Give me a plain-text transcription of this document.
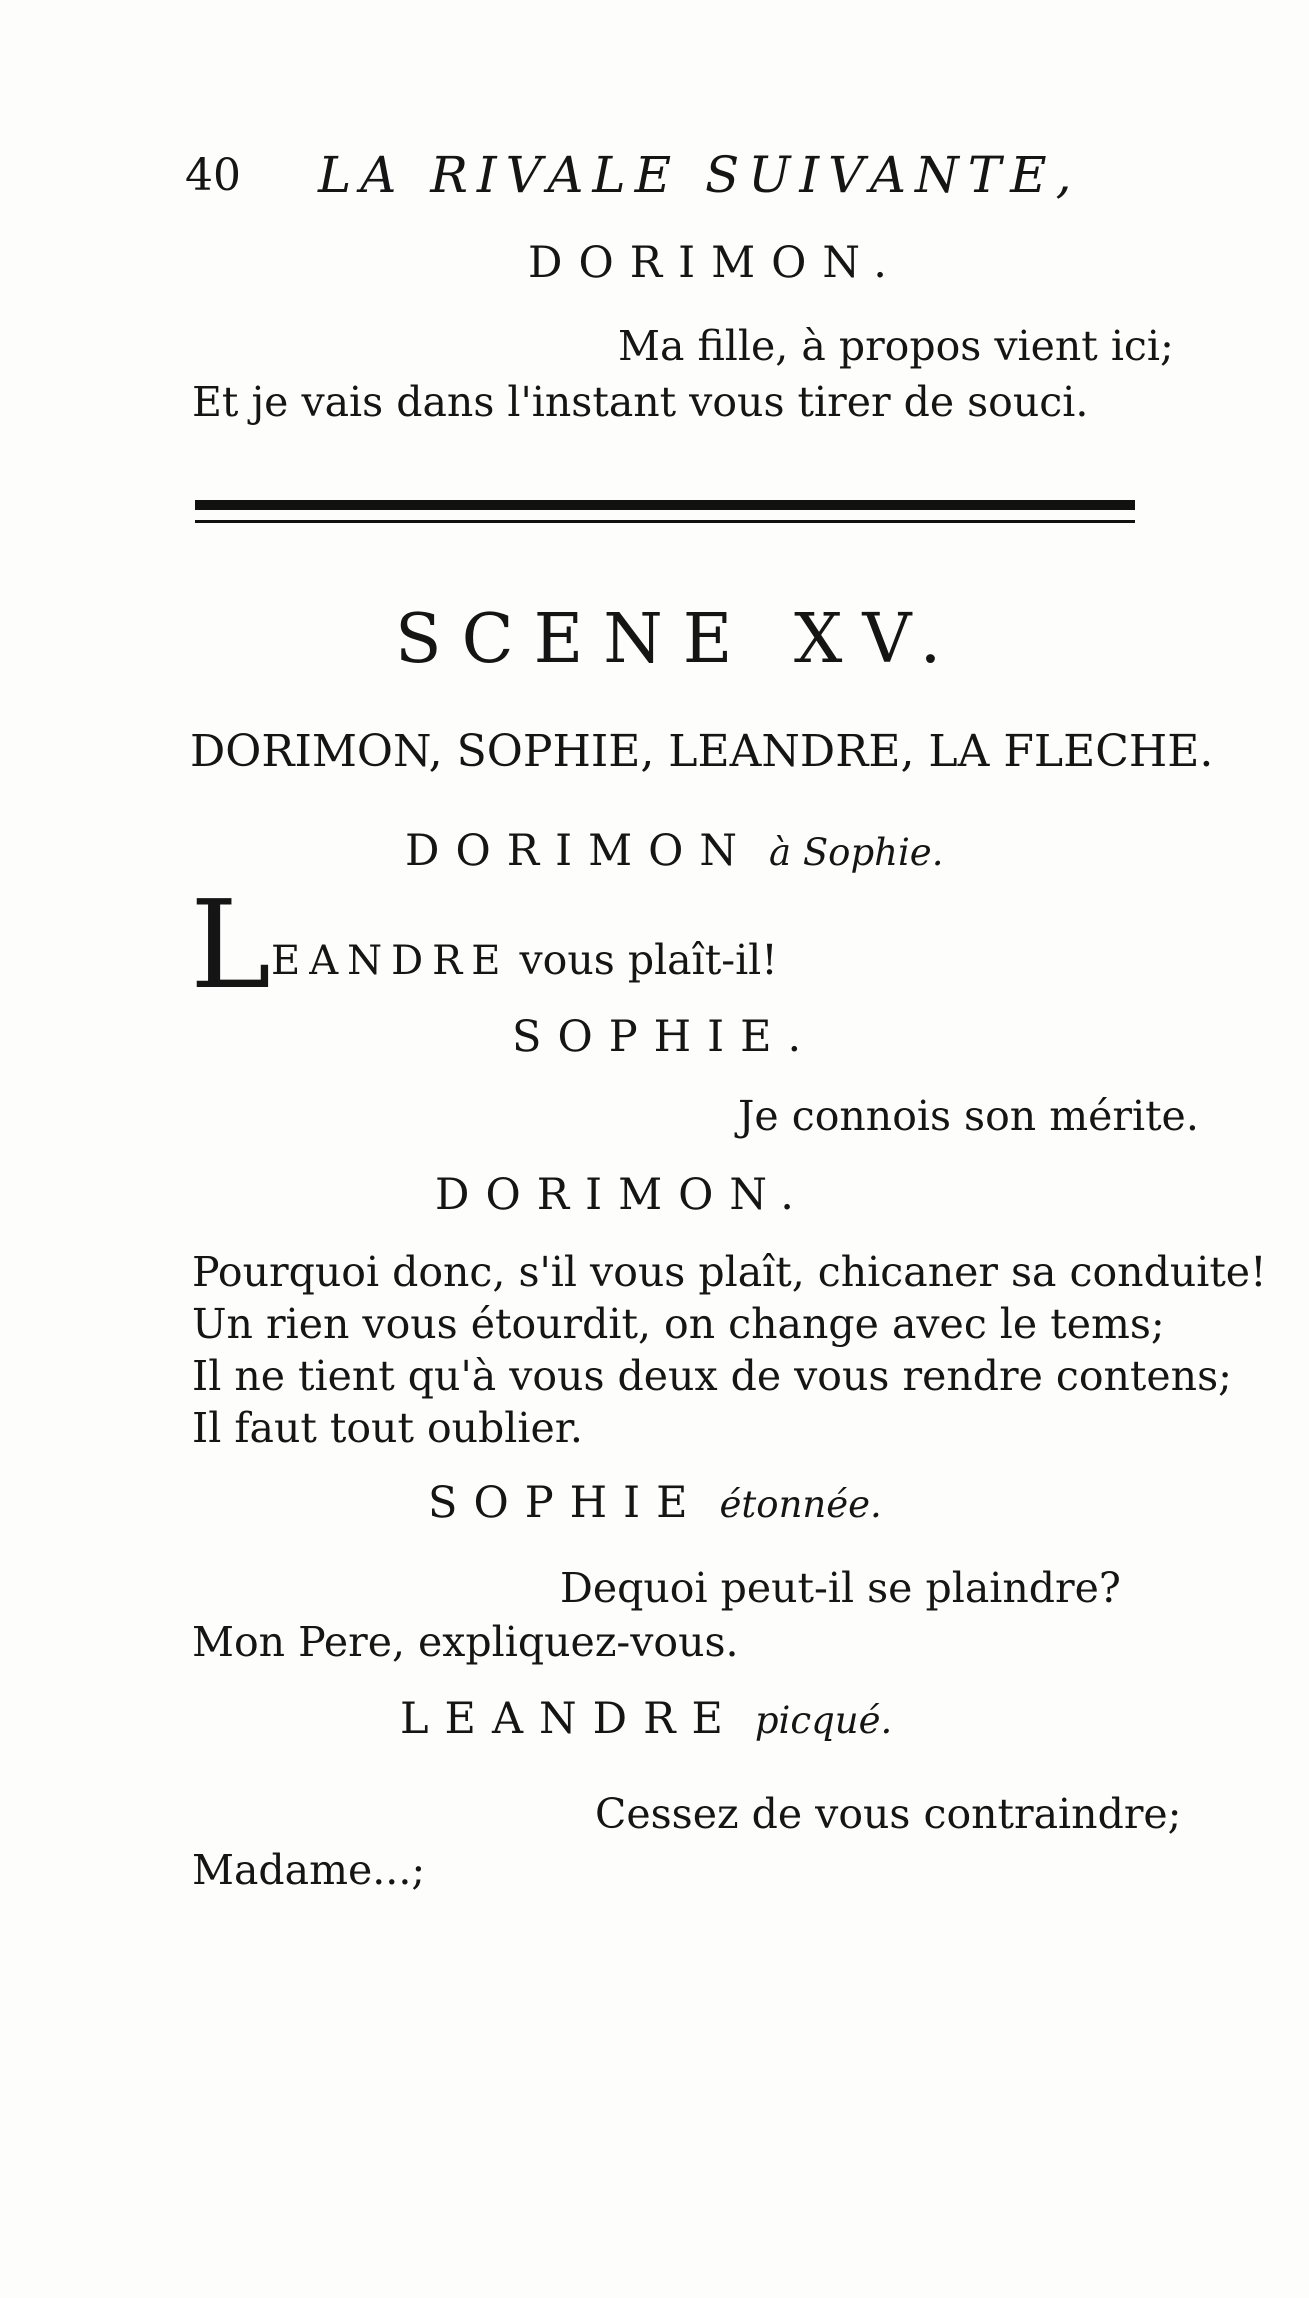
40 LA RIVALE SUIVANTE,
DORIMON.
Ma fille, à propos vient ici;
Et je vais dans l'instant vous tirer de souci.
SCENE XV.
DORIMON, SOPHIE, LEANDRE, LA FLECHE.
DORIMON à Sophie.
LEANDRE vous plaît-il!
SOPHIE.
Je connois son mérite.
DORIMON.
Pourquoi donc, s'il vous plaît, chicaner sa conduite!
Un rien vous étourdit, on change avec le tems;
Il ne tient qu'à vous deux de vous rendre contens;
Il faut tout oublier.
SOPHIE étonnée.
Dequoi peut-il se plaindre?
Mon Pere, expliquez-vous.
LEANDRE picqué.
Cessez de vous contraindre;
Madame...;
